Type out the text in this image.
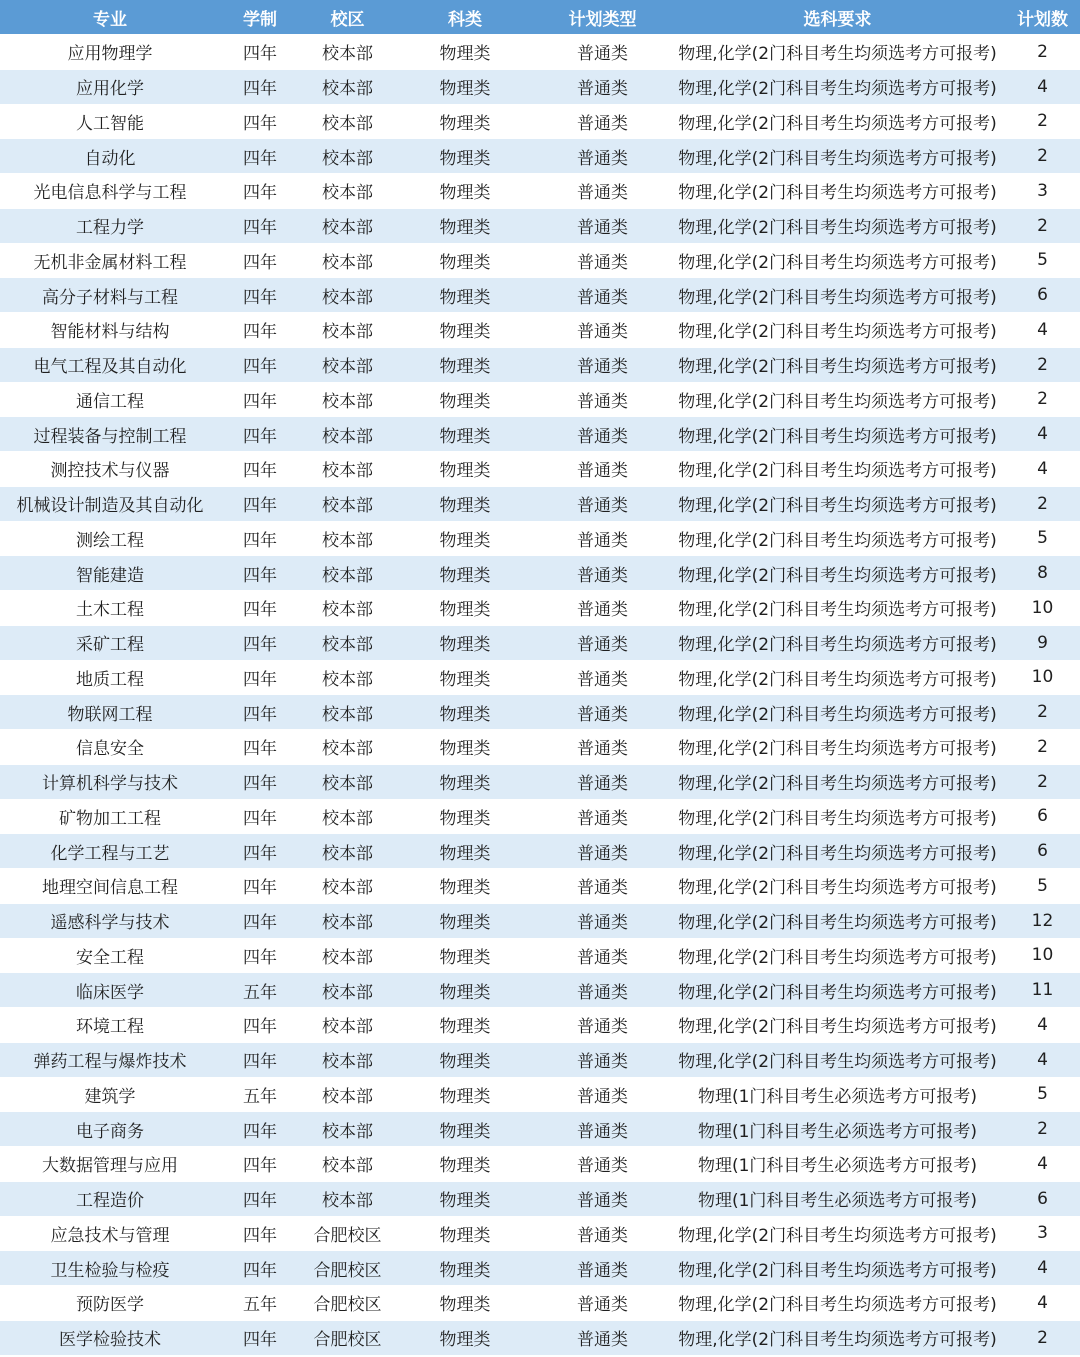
专业	学制	校区	科类	计划类型	选科要求	计划数
应用物理学	四年	校本部	物理类	普通类	物理,化学(2门科目考生均须选考方可报考)	2
应用化学	四年	校本部	物理类	普通类	物理,化学(2门科目考生均须选考方可报考)	4
人工智能	四年	校本部	物理类	普通类	物理,化学(2门科目考生均须选考方可报考)	2
自动化	四年	校本部	物理类	普通类	物理,化学(2门科目考生均须选考方可报考)	2
光电信息科学与工程	四年	校本部	物理类	普通类	物理,化学(2门科目考生均须选考方可报考)	3
工程力学	四年	校本部	物理类	普通类	物理,化学(2门科目考生均须选考方可报考)	2
无机非金属材料工程	四年	校本部	物理类	普通类	物理,化学(2门科目考生均须选考方可报考)	5
高分子材料与工程	四年	校本部	物理类	普通类	物理,化学(2门科目考生均须选考方可报考)	6
智能材料与结构	四年	校本部	物理类	普通类	物理,化学(2门科目考生均须选考方可报考)	4
电气工程及其自动化	四年	校本部	物理类	普通类	物理,化学(2门科目考生均须选考方可报考)	2
通信工程	四年	校本部	物理类	普通类	物理,化学(2门科目考生均须选考方可报考)	2
过程装备与控制工程	四年	校本部	物理类	普通类	物理,化学(2门科目考生均须选考方可报考)	4
测控技术与仪器	四年	校本部	物理类	普通类	物理,化学(2门科目考生均须选考方可报考)	4
机械设计制造及其自动化	四年	校本部	物理类	普通类	物理,化学(2门科目考生均须选考方可报考)	2
测绘工程	四年	校本部	物理类	普通类	物理,化学(2门科目考生均须选考方可报考)	5
智能建造	四年	校本部	物理类	普通类	物理,化学(2门科目考生均须选考方可报考)	8
土木工程	四年	校本部	物理类	普通类	物理,化学(2门科目考生均须选考方可报考)	10
采矿工程	四年	校本部	物理类	普通类	物理,化学(2门科目考生均须选考方可报考)	9
地质工程	四年	校本部	物理类	普通类	物理,化学(2门科目考生均须选考方可报考)	10
物联网工程	四年	校本部	物理类	普通类	物理,化学(2门科目考生均须选考方可报考)	2
信息安全	四年	校本部	物理类	普通类	物理,化学(2门科目考生均须选考方可报考)	2
计算机科学与技术	四年	校本部	物理类	普通类	物理,化学(2门科目考生均须选考方可报考)	2
矿物加工工程	四年	校本部	物理类	普通类	物理,化学(2门科目考生均须选考方可报考)	6
化学工程与工艺	四年	校本部	物理类	普通类	物理,化学(2门科目考生均须选考方可报考)	6
地理空间信息工程	四年	校本部	物理类	普通类	物理,化学(2门科目考生均须选考方可报考)	5
遥感科学与技术	四年	校本部	物理类	普通类	物理,化学(2门科目考生均须选考方可报考)	12
安全工程	四年	校本部	物理类	普通类	物理,化学(2门科目考生均须选考方可报考)	10
临床医学	五年	校本部	物理类	普通类	物理,化学(2门科目考生均须选考方可报考)	11
环境工程	四年	校本部	物理类	普通类	物理,化学(2门科目考生均须选考方可报考)	4
弹药工程与爆炸技术	四年	校本部	物理类	普通类	物理,化学(2门科目考生均须选考方可报考)	4
建筑学	五年	校本部	物理类	普通类	物理(1门科目考生必须选考方可报考)	5
电子商务	四年	校本部	物理类	普通类	物理(1门科目考生必须选考方可报考)	2
大数据管理与应用	四年	校本部	物理类	普通类	物理(1门科目考生必须选考方可报考)	4
工程造价	四年	校本部	物理类	普通类	物理(1门科目考生必须选考方可报考)	6
应急技术与管理	四年	合肥校区	物理类	普通类	物理,化学(2门科目考生均须选考方可报考)	3
卫生检验与检疫	四年	合肥校区	物理类	普通类	物理,化学(2门科目考生均须选考方可报考)	4
预防医学	五年	合肥校区	物理类	普通类	物理,化学(2门科目考生均须选考方可报考)	4
医学检验技术	四年	合肥校区	物理类	普通类	物理,化学(2门科目考生均须选考方可报考)	2
